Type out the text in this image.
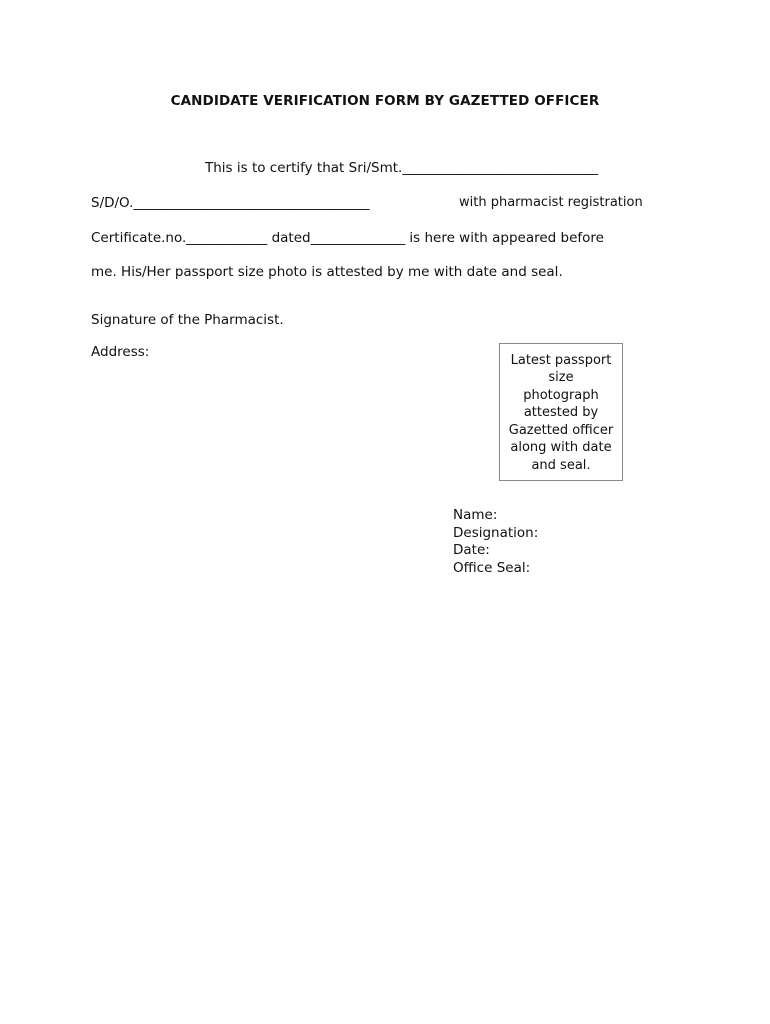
CANDIDATE VERIFICATION FORM BY GAZETTED OFFICER
This is to certify that Sri/Smt._____________________________
S/D/O.___________________________________	with pharmacist registration
Certificate.no.____________ dated______________ is here with appeared before
me. His/Her passport size photo is attested by me with date and seal.
Signature of the Pharmacist.
Address:
Latest passport
size
photograph
attested by
Gazetted officer
along with date
and seal.
Name:
Designation:
Date:
Office Seal:
